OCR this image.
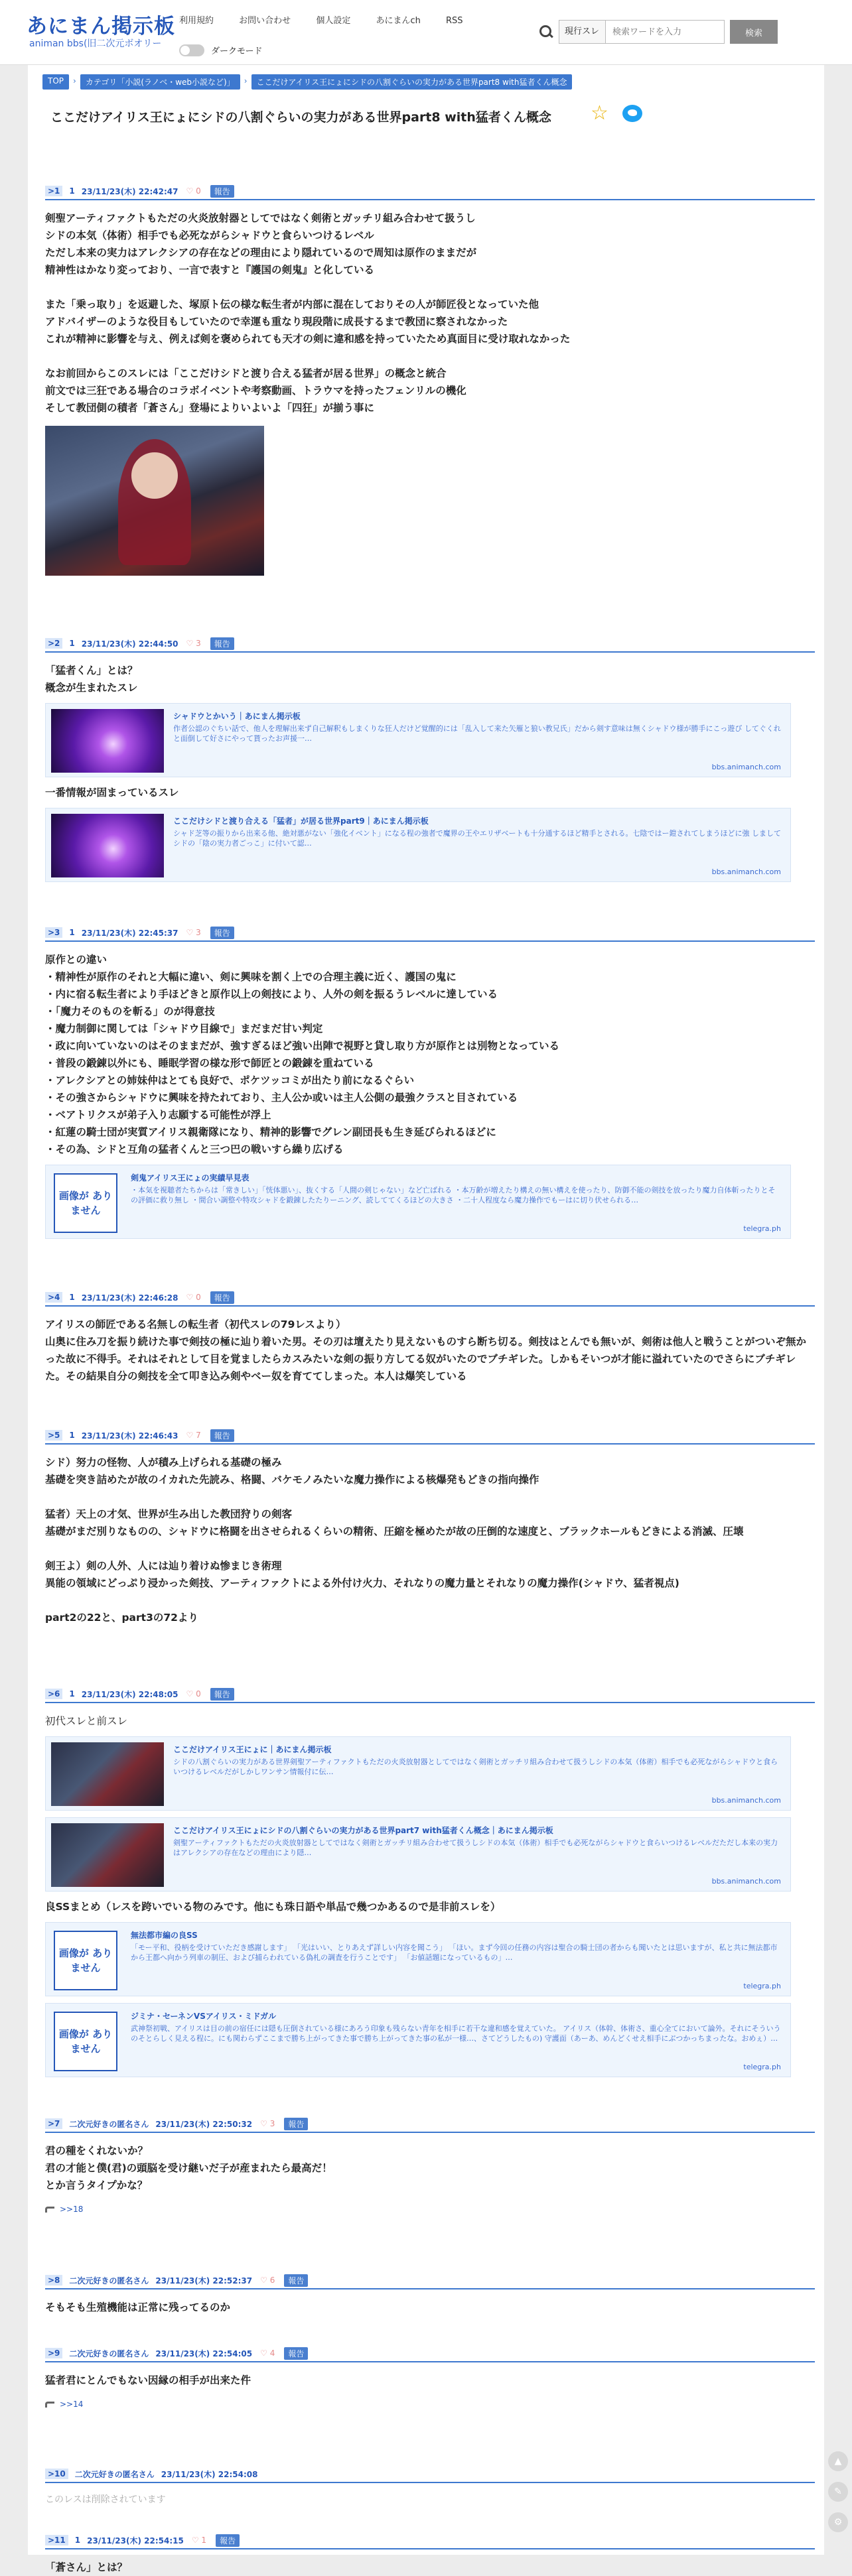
あにまん掲示板
animan bbs(旧二次元ボオリー
利用規約	お問い合わせ	個人設定	あにまんch	RSS
ダークモード
現行スレ
検索ワードを入力	検索
TOP	›	カテゴリ「小説(ラノベ・web小説など)」	›	ここだけアイリス王にょにシドの八割ぐらいの実力がある世界part8 with猛者くん概念
ここだけアイリス王にょにシドの八割ぐらいの実力がある世界part8 with猛者くん概念 ☆
>1	1 23/11/23(木) 22:42:47 ♡ 0	報告
剣聖アーティファクトもただの火炎放射器としてではなく剣術とガッチリ組み合わせて扱うし
シドの本気（体術）相手でも必死ながらシャドウと食らいつけるレベル
ただし本来の実力はアレクシアの存在などの理由により隠れているので周知は原作のままだが
精神性はかなり変っており、一言で表すと『護国の剣鬼』と化している

また「乗っ取り」を返避した、塚原ト伝の様な転生者が内部に混在しておりその人が師匠役となっていた他
アドバイザーのような役目もしていたので幸運も重なり現段階に成長するまで教団に察されなかった
これが精神に影響を与え、例えば剣を褒められても天才の剣に違和感を持っていたため真面目に受け取れなかった

なお前回からこのスレには「ここだけシドと渡り合える猛者が居る世界」の概念と統合
前文では三狂である場合のコラボイベントや考察動画、トラウマを持ったフェンリルの機化
そして教団側の積者「蒼さん」登場によりいよいよ「四狂」が揃う事に
>2	1 23/11/23(木) 22:44:50 ♡ 3	報告
「猛者くん」とは？
概念が生まれたスレ
シャドウとかいう｜あにまん掲示板
作者公認のぐちい話で、他人を理解出来ず自己解釈もしまくりな狂人だけど覚醒的には「乱入して来た矢雁と狼い教兄氏」だから剣す意味は無くシャドウ様が勝手にこっ遊び してぐくれと面倒して好さにやって貰ったお声援一…
bbs.animanch.com
一番情報が固まっているスレ
ここだけシドと渡り合える「猛者」が居る世界part9｜あにまん掲示板
シャド芝等の振りから出来る他、絶対悪がない「強化イベント」になる程の強者で魔界の王やエリザベートも十分通するほど精手とされる。七陰ではー鎧されてしまうほどに強 しましてシドの「陰の実力者ごっこ」に付いて認…
bbs.animanch.com
>3	1 23/11/23(木) 22:45:37 ♡ 3	報告
原作との違い
・精神性が原作のそれと大幅に違い、剣に興味を割く上での合理主義に近く、護国の鬼に
・内に宿る転生者により手ほどきと原作以上の剣技により、人外の剣を振るうレベルに達している
・「魔力そのものを斬る」のが得意技
・魔力制御に関しては「シャドウ目線で」まだまだ甘い判定
・政に向いていないのはそのままだが、強すぎるほど強い出陣で視野と貸し取り方が原作とは別物となっている
・普段の鍛錬以外にも、睡眠学習の様な形で師匠との鍛錬を重ねている
・アレクシアとの姉妹仲はとても良好で、ポケツッコミが出たり前になるぐらい
・その強さからシャドウに興味を持たれており、主人公か或いは主人公側の最強クラスと目されている
・ベアトリクスが弟子入り志願する可能性が浮上
・紅蓮の騎士団が実質アイリス親衛隊になり、精神的影響でグレン副団長も生き延びられるほどに
・その為、シドと互角の猛者くんと三つ巴の戦いすら繰り広げる
画像が ありません
剣鬼アイリス王にょの実績早見表
・本気を視聴者たちからは「常きしい」「恍体悪い」、抜くする「人間の剣じゃない」など亡ばれる ・本万齢が増えたり構えの無い構えを使ったり、防御不能の剣技を放ったり魔力自体斬ったりとその評価に救り無し ・間合い調整や特攻シャドを鍛錬したたりーニング、読しててくるほどの大きさ ・二十人程度なら魔力操作でもーはに切り伏せられる…
telegra.ph
>4	1 23/11/23(木) 22:46:28 ♡ 0	報告
アイリスの師匠である名無しの転生者（初代スレの79レスより）
山奥に住み刀を振り続けた事で剣技の極に辿り着いた男。その刃は壇えたり見えないものすら断ち切る。剣技はとんでも無いが、剣術は他人と戦うことがついぞ無かった故に不得手。それはそれとして目を覚ましたらカスみたいな剣の振り方してる奴がいたのでブチギレた。しかもそいつが才能に溢れていたのでさらにブチギレた。その結果自分の剣技を全て叩き込み剣やベー奴を育ててしまった。本人は爆笑している
>5	1 23/11/23(木) 22:46:43 ♡ 7	報告
シド）努力の怪物、人が積み上げられる基礎の極み
基礎を突き詰めたが故のイカれた先読み、格闘、バケモノみたいな魔力操作による核爆発もどきの指向操作

猛者）天上の才気、世界が生み出した教団狩りの剣客
基礎がまだ別りなものの、シャドウに格闘を出させられるくらいの精術、圧縮を極めたが故の圧倒的な速度と、ブラックホールもどきによる消滅、圧壊

剣王よ）剣の人外、人には辿り着けぬ惨まじき術理
異能の領域にどっぷり浸かった剣技、アーティファクトによる外付け火力、それなりの魔力量とそれなりの魔力操作(シャドウ、猛者視点)

part2の22と、part3の72より
>6	1 23/11/23(木) 22:48:05 ♡ 0	報告
初代スレと前スレ
ここだけアイリス王にょに｜あにまん掲示板
シドの八割ぐらいの実力がある世界剣聖アーティファクトもただの火炎放射器としてではなく剣術とガッチリ組み合わせて扱うしシドの本気（体術）相手でも必死ながらシャドウと食らいつけるレベルだがしかしワンサン情報付に伝…
bbs.animanch.com
ここだけアイリス王にょにシドの八割ぐらいの実力がある世界part7 with猛者くん概念｜あにまん掲示板
剣聖アーティファクトもただの火炎放射器としてではなく剣術とガッチリ組み合わせて扱うしシドの本気（体術）相手でも必死ながらシャドウと食らいつけるレベルだただし本来の実力はアレクシアの存在などの理由により隠…
bbs.animanch.com
良SSまとめ（レスを跨いでいる物のみです。他にも珠日語や単品で幾つかあるので是非前スレを）
画像が ありません
無法都市編の良SS
「モー平和、役柄を受けていただき感謝します」 「光はいい、とりあえず詳しい内容を聞こう」 「ほい。まず今回の任務の内容は聖合の騎士団の者からも聞いたとは思いますが、私と共に無法都市から王都へ向かう列車の制圧、および捕らわれている偽札の調査を行うことです」 「お値話題になっているもの」…
telegra.ph
画像が ありません
ジミナ・セーネンVSアイリス・ミドガル
武神祭初戦、アイリスは目の前の宿任には隠も圧倒されている様にあろう印象も残らない青年を相手に若干な違和感を覚えていた。 アイリス（体幹、体術さ、重心全てにおいて論外。それにそういうのそとらしく見える程に。にも関わらずここまで勝ち上がってきた事で勝ち上がってきた事の私が一様…、さてどうしたもの) 守護面（あーあ、めんどくせえ相手にぶつかっちまったな。おめぇ）…
telegra.ph
>7	二次元好きの匿名さん 23/11/23(木) 22:50:32 ♡ 3	報告
君の種をくれないか？
君の才能と僕(君)の頭脳を受け継いだ子が産まれたら最高だ！
とか言うタイプかな？
>>18
>8	二次元好きの匿名さん 23/11/23(木) 22:52:37 ♡ 6	報告
そもそも生殖機能は正常に残ってるのか
>9	二次元好きの匿名さん 23/11/23(木) 22:54:05 ♡ 4	報告
猛者君にとんでもない因縁の相手が出来た件
>>14
>10	二次元好きの匿名さん 23/11/23(木) 22:54:08
このレスは削除されています
>11	1 23/11/23(木) 22:54:15 ♡ 1	報告
「蒼さん」とは？
▲
✎
⚙
